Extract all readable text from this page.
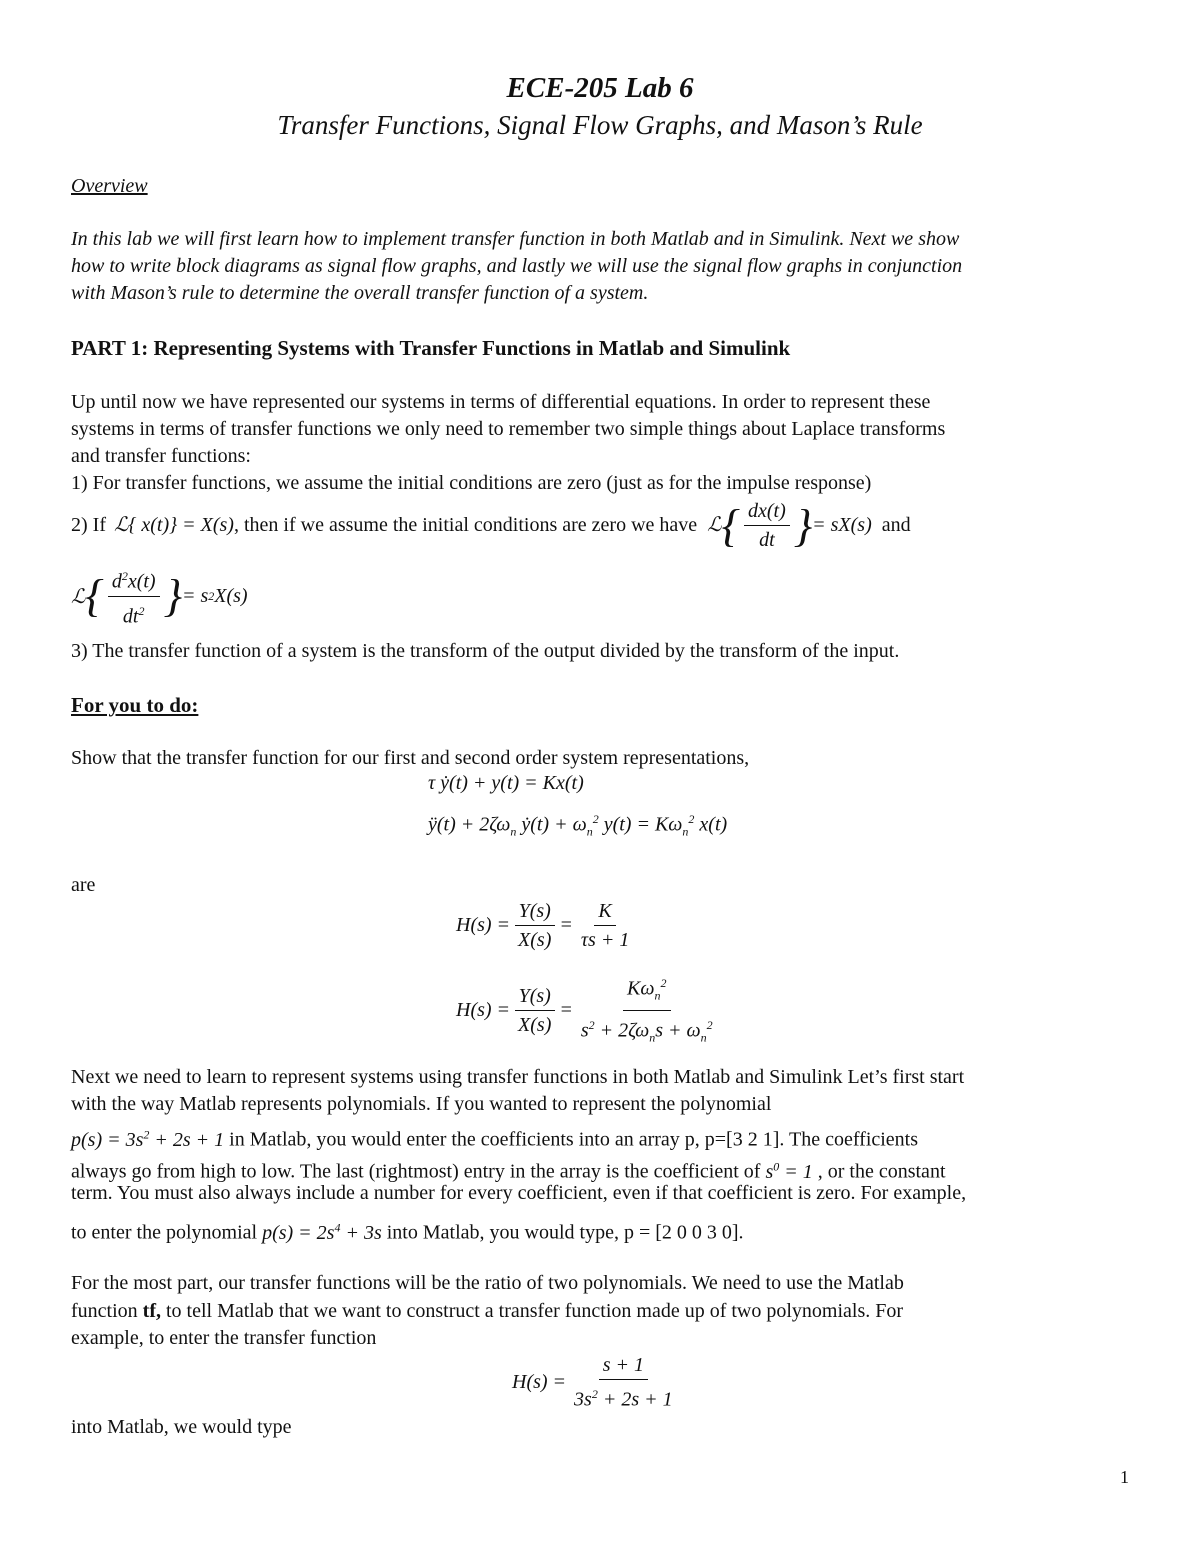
ECE-205 Lab 6
Transfer Functions, Signal Flow Graphs, and Mason’s Rule
Overview
In this lab we will first learn how to implement transfer function in both Matlab and in Simulink. Next we show
how to write block diagrams as signal flow graphs, and lastly we will use the signal flow graphs in conjunction
with Mason’s rule to determine the overall transfer function of a system.
PART 1: Representing Systems with Transfer Functions in Matlab and Simulink
Up until now we have represented our systems in terms of differential equations. In order to represent these
systems in terms of transfer functions we only need to remember two simple things about Laplace transforms
and transfer functions:
1) For transfer functions, we assume the initial conditions are zero (just as for the impulse response)
2) If ℒ{ x(t)} = X(s) , then if we assume the initial conditions are zero we have ℒ { $\frac{dx(t)}{dt}$ } = sX(s) and
ℒ { $\frac{d^2x(t)}{dt^2}$ } = s 2 X(s)
3) The transfer function of a system is the transform of the output divided by the transform of the input.
For you to do:
Show that the transfer function for our first and second order system representations,
τ ẏ(t) + y(t) = Kx(t)
ÿ(t) + $2\zeta\omega_n$ ẏ(t) + $\omega_n^2$ $y(t) = K\omega_n^2$ x(t)
are
$H(s) = \frac{Y(s)}{X(s)} = \frac{K}{\tau s + 1}$
$H(s) = \frac{Y(s)}{X(s)} = \frac{K\omega_n^2}{s^2 + 2\zeta\omega_ns + \omega_n^2}$
Next we need to learn to represent systems using transfer functions in both Matlab and Simulink Let’s first start
with the way Matlab represents polynomials. If you wanted to represent the polynomial
$p(s) = 3s^2 + 2s + 1$ in Matlab, you would enter the coefficients into an array p, p=[3 2 1]. The coefficients
always go from high to low. The last (rightmost) entry in the array is the coefficient of $s^0 = 1$ , or the constant
term. You must also always include a number for every coefficient, even if that coefficient is zero. For example,
to enter the polynomial $p(s) = 2s^4 + 3s$ into Matlab, you would type, p = [2 0 0 3 0].
For the most part, our transfer functions will be the ratio of two polynomials. We need to use the Matlab
function tf, to tell Matlab that we want to construct a transfer function made up of two polynomials. For
example, to enter the transfer function
$H(s) = \frac{s + 1}{3s^2 + 2s + 1}$
into Matlab, we would type
1
